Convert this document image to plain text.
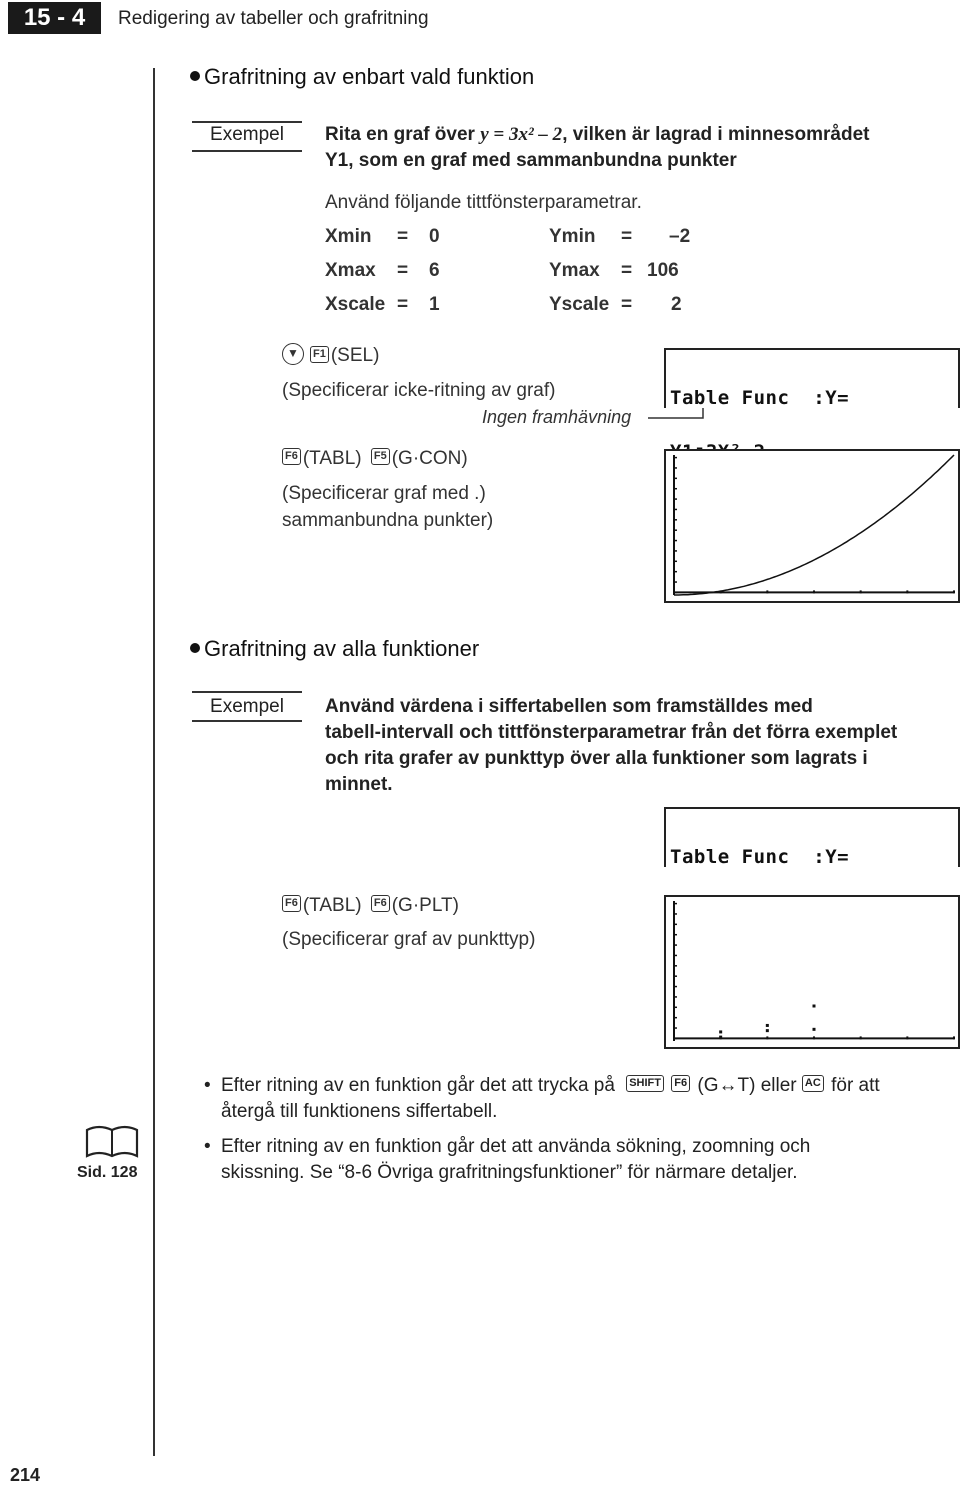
15 - 4	Redigering av tabeller och grafritning
Grafritning av enbart vald funktion
Exempel	Rita en graf över y = 3x² – 2, vilken är lagrad i minnesområdet
Y1, som en graf med sammanbundna punkter
Använd följande tittfönsterparametrar.
Xmin = 0	Ymin = –2
Xmax = 6	Ymax = 106
Xscale = 1	Yscale = 2
▼ F1 (SEL)
(Specificerar icke-ritning av graf)
Ingen framhävning

Table Func  :Y=

F6 (TABL) F5 (G·CON)
(Specificerar graf med .)
sammanbundna punkter)
Grafritning av alla funktioner
Exempel	Använd värdena i siffertabellen som framställdes med
tabell-intervall och tittfönsterparametrar från det förra exemplet
och rita grafer av punkttyp över alla funktioner som lagrats i
minnet.

Table Func  :Y=

F6 (TABL) F6 (G·PLT)
(Specificerar graf av punkttyp)
Sid. 128
• Efter ritning av en funktion går det att trycka på SHIFT F6 (G↔T) eller AC för att
återgå till funktionens siffertabell.
• Efter ritning av en funktion går det att använda sökning, zoomning och
skissning. Se “8-6 Övriga grafritningsfunktioner” för närmare detaljer.
214
